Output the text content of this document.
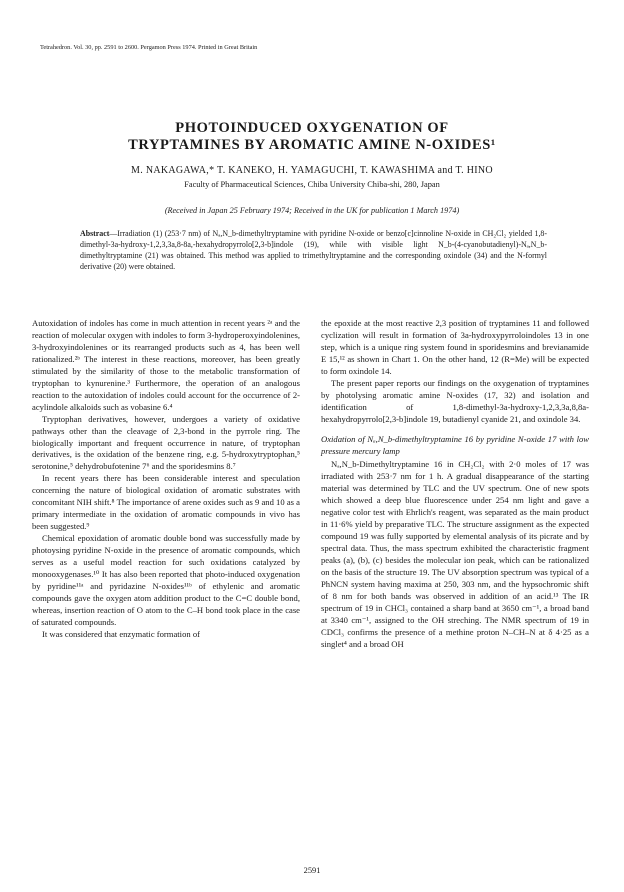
Tetrahedron. Vol. 30, pp. 2591 to 2600. Pergamon Press 1974. Printed in Great Britain
PHOTOINDUCED OXYGENATION OF
TRYPTAMINES BY AROMATIC AMINE N-OXIDES¹
M. NAKAGAWA,* T. KANEKO, H. YAMAGUCHI, T. KAWASHIMA and T. HINO
Faculty of Pharmaceutical Sciences, Chiba University Chiba-shi, 280, Japan
(Received in Japan 25 February 1974; Received in the UK for publication 1 March 1974)
Abstract—Irradiation (1) (253·7 nm) of Nₐ,N_b-dimethyltryptamine with pyridine N-oxide or benzo[c]cinnoline N-oxide in CH₂Cl₂ yielded 1,8-dimethyl-3a-hydroxy-1,2,3,3a,8-8a,-hexahydropyrrolo[2,3-b]indole (19), while with visible light N_b-(4-cyanobutadienyl)-Nₐ,N_b-dimethyltryptamine (21) was obtained. This method was applied to trimethyltryptamine and the corresponding oxindole (34) and the N-formyl derivative (20) were obtained.

Autoxidation of indoles has come in much attention in recent years ²ᵃ and the reaction of molecular oxygen with indoles to form 3-hydroperoxyindolenines, 3-hydroxyindolenines or its rearranged products such as 4, has been well rationalized.²ᵇ The interest in these reactions, moreover, has been greatly stimulated by the similarity of those to the metabolic transformation of tryptophan to kynurenine.³ Furthermore, the operation of an analogous reaction to the autoxidation of indoles could account for the occurrence of 2-acylindole alkaloids such as vobasine 6.⁴

Tryptophan derivatives, however, undergoes a variety of oxidative pathways other than the cleavage of 2,3-bond in the pyrrole ring. The biologically important and frequent occurrence in nature, of tryptophan derivatives, is the oxidation of the benzene ring, e.g. 5-hydroxytryptophan,⁵ serotonine,⁵ dehydrobufotenine 7⁶ and the sporidesmins 8.⁷

In recent years there has been considerable interest and speculation concerning the nature of biological oxidation of aromatic substrates with concomitant NIH shift.⁸ The importance of arene oxides such as 9 and 10 as a primary intermediate in the oxidation of aromatic compounds in vivo has been suggested.⁹

Chemical epoxidation of aromatic double bond was successfully made by photoysing pyridine N-oxide in the presence of aromatic compounds, which serves as a useful model reaction for such oxidations catalyzed by monooxygenases.¹⁰ It has also been reported that photo-induced oxygenation by pyridine¹¹ᵃ and pyridazine N-oxides¹¹ᵇ of ethylenic and aromatic compounds gave the oxygen atom addition product to the C=C double bond, whereas, insertion reaction of O atom to the C–H bond took place in the case of saturated compounds.

It was considered that enzymatic formation of

the epoxide at the most reactive 2,3 position of tryptamines 11 and followed cyclization will result in formation of 3a-hydroxypyrroloindoles 13 in one step, which is a unique ring system found in sporidesmins and brevianamide E 15,¹² as shown in Chart 1. On the other hand, 12 (R=Me) will be expected to form oxindole 14.

The present paper reports our findings on the oxygenation of tryptamines by photolysing aromatic amine N-oxides (17, 32) and isolation and identification of 1,8-dimethyl-3a-hydroxy-1,2,3,3a,8,8a-hexahydropyrrolo[2,3-b]indole 19, butadienyl cyanide 21, and oxindole 34.

Oxidation of Nₐ,N_b-dimethyltryptamine 16 by pyridine N-oxide 17 with low pressure mercury lamp

Nₐ,N_b-Dimethyltryptamine 16 in CH₂Cl₂ with 2·0 moles of 17 was irradiated with 253·7 nm for 1 h. A gradual disappearance of the starting material was determined by TLC and the UV spectrum. One of new spots which showed a deep blue fluorescence under 254 nm light and gave a negative color test with Ehrlich's reagent, was separated as the main product in 11·6% yield by preparative TLC. The structure assignment as the expected compound 19 was fully supported by elemental analysis of its picrate and by spectral data. Thus, the mass spectrum exhibited the characteristic fragment peaks (a), (b), (c) besides the molecular ion peak, which can be rationalized on the basis of the structure 19. The UV absorption spectrum was typical of a PhNCN system having maxima at 250, 303 nm, and the hypsochromic shift of 8 nm for both bands was observed in addition of an acid.¹³ The IR spectrum of 19 in CHCl₃ contained a sharp band at 3650 cm⁻¹, a broad band at 3340 cm⁻¹, assigned to the OH streching. The NMR spectrum of 19 in CDCl₃ confirms the presence of a methine proton N–CH–N at δ 4·25 as a singlet⁴ and a broad OH

2591
